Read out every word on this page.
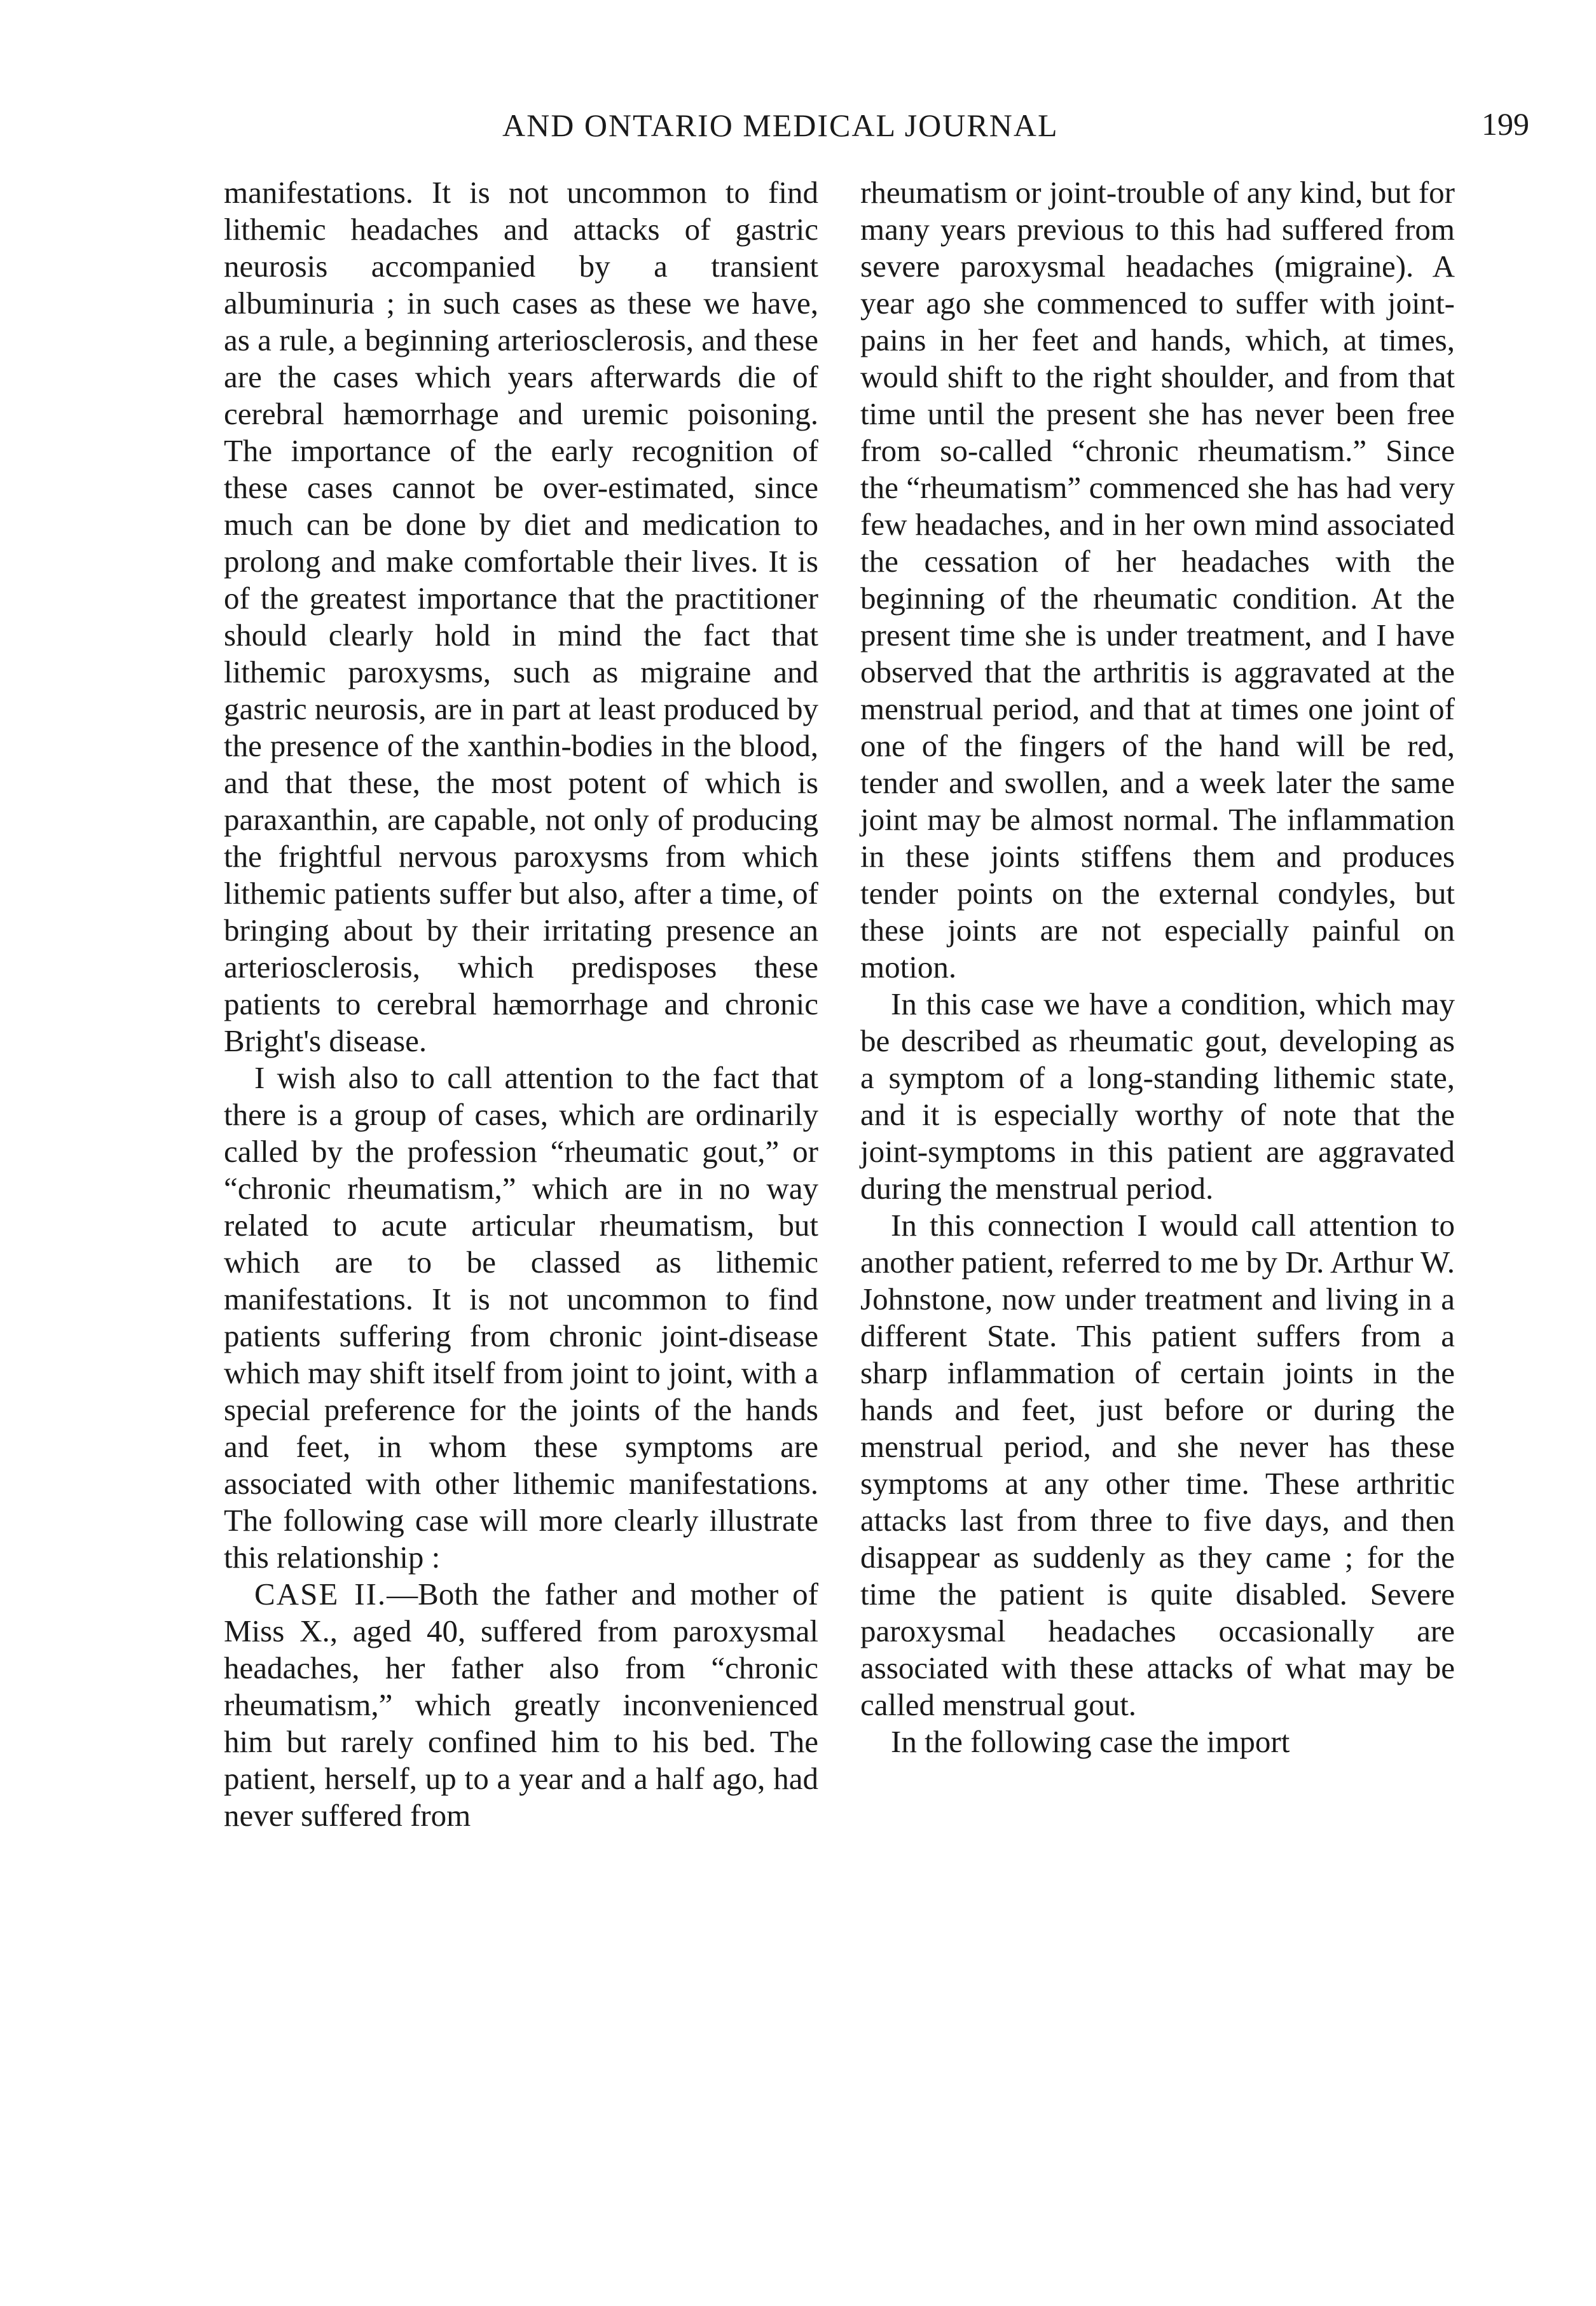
AND ONTARIO MEDICAL JOURNAL	199

manifestations. It is not uncommon to find lithemic headaches and attacks of gastric neurosis accompanied by a transient albuminuria ; in such cases as these we have, as a rule, a beginning arteriosclerosis, and these are the cases which years afterwards die of cerebral hæmorrhage and uremic poisoning. The importance of the early recognition of these cases cannot be over-estimated, since much can be done by diet and medication to prolong and make comfortable their lives. It is of the greatest importance that the practitioner should clearly hold in mind the fact that lithemic paroxysms, such as migraine and gastric neurosis, are in part at least produced by the presence of the xanthin-bodies in the blood, and that these, the most potent of which is paraxanthin, are capable, not only of producing the frightful nervous paroxysms from which lithemic patients suffer but also, after a time, of bringing about by their irritating presence an arteriosclerosis, which predisposes these patients to cerebral hæmorrhage and chronic Bright's disease.

I wish also to call attention to the fact that there is a group of cases, which are ordinarily called by the profession “rheumatic gout,” or “chronic rheumatism,” which are in no way related to acute articular rheumatism, but which are to be classed as lithemic manifestations. It is not uncommon to find patients suffering from chronic joint-disease which may shift itself from joint to joint, with a special preference for the joints of the hands and feet, in whom these symptoms are associated with other lithemic manifestations. The following case will more clearly illustrate this relationship :

CASE II.—Both the father and mother of Miss X., aged 40, suffered from paroxysmal headaches, her father also from “chronic rheumatism,” which greatly inconvenienced him but rarely confined him to his bed. The patient, herself, up to a year and a half ago, had never suffered from

rheumatism or joint-trouble of any kind, but for many years previous to this had suffered from severe paroxysmal headaches (migraine). A year ago she commenced to suffer with joint-pains in her feet and hands, which, at times, would shift to the right shoulder, and from that time until the present she has never been free from so-called “chronic rheumatism.” Since the “rheumatism” commenced she has had very few headaches, and in her own mind associated the cessation of her headaches with the beginning of the rheumatic condition. At the present time she is under treatment, and I have observed that the arthritis is aggravated at the menstrual period, and that at times one joint of one of the fingers of the hand will be red, tender and swollen, and a week later the same joint may be almost normal. The inflammation in these joints stiffens them and produces tender points on the external condyles, but these joints are not especially painful on motion.

In this case we have a condition, which may be described as rheumatic gout, developing as a symptom of a long-standing lithemic state, and it is especially worthy of note that the joint-symptoms in this patient are aggravated during the menstrual period.

In this connection I would call attention to another patient, referred to me by Dr. Arthur W. Johnstone, now under treatment and living in a different State. This patient suffers from a sharp inflammation of certain joints in the hands and feet, just before or during the menstrual period, and she never has these symptoms at any other time. These arthritic attacks last from three to five days, and then disappear as suddenly as they came ; for the time the patient is quite disabled. Severe paroxysmal headaches occasionally are associated with these attacks of what may be called menstrual gout.

In the following case the import
